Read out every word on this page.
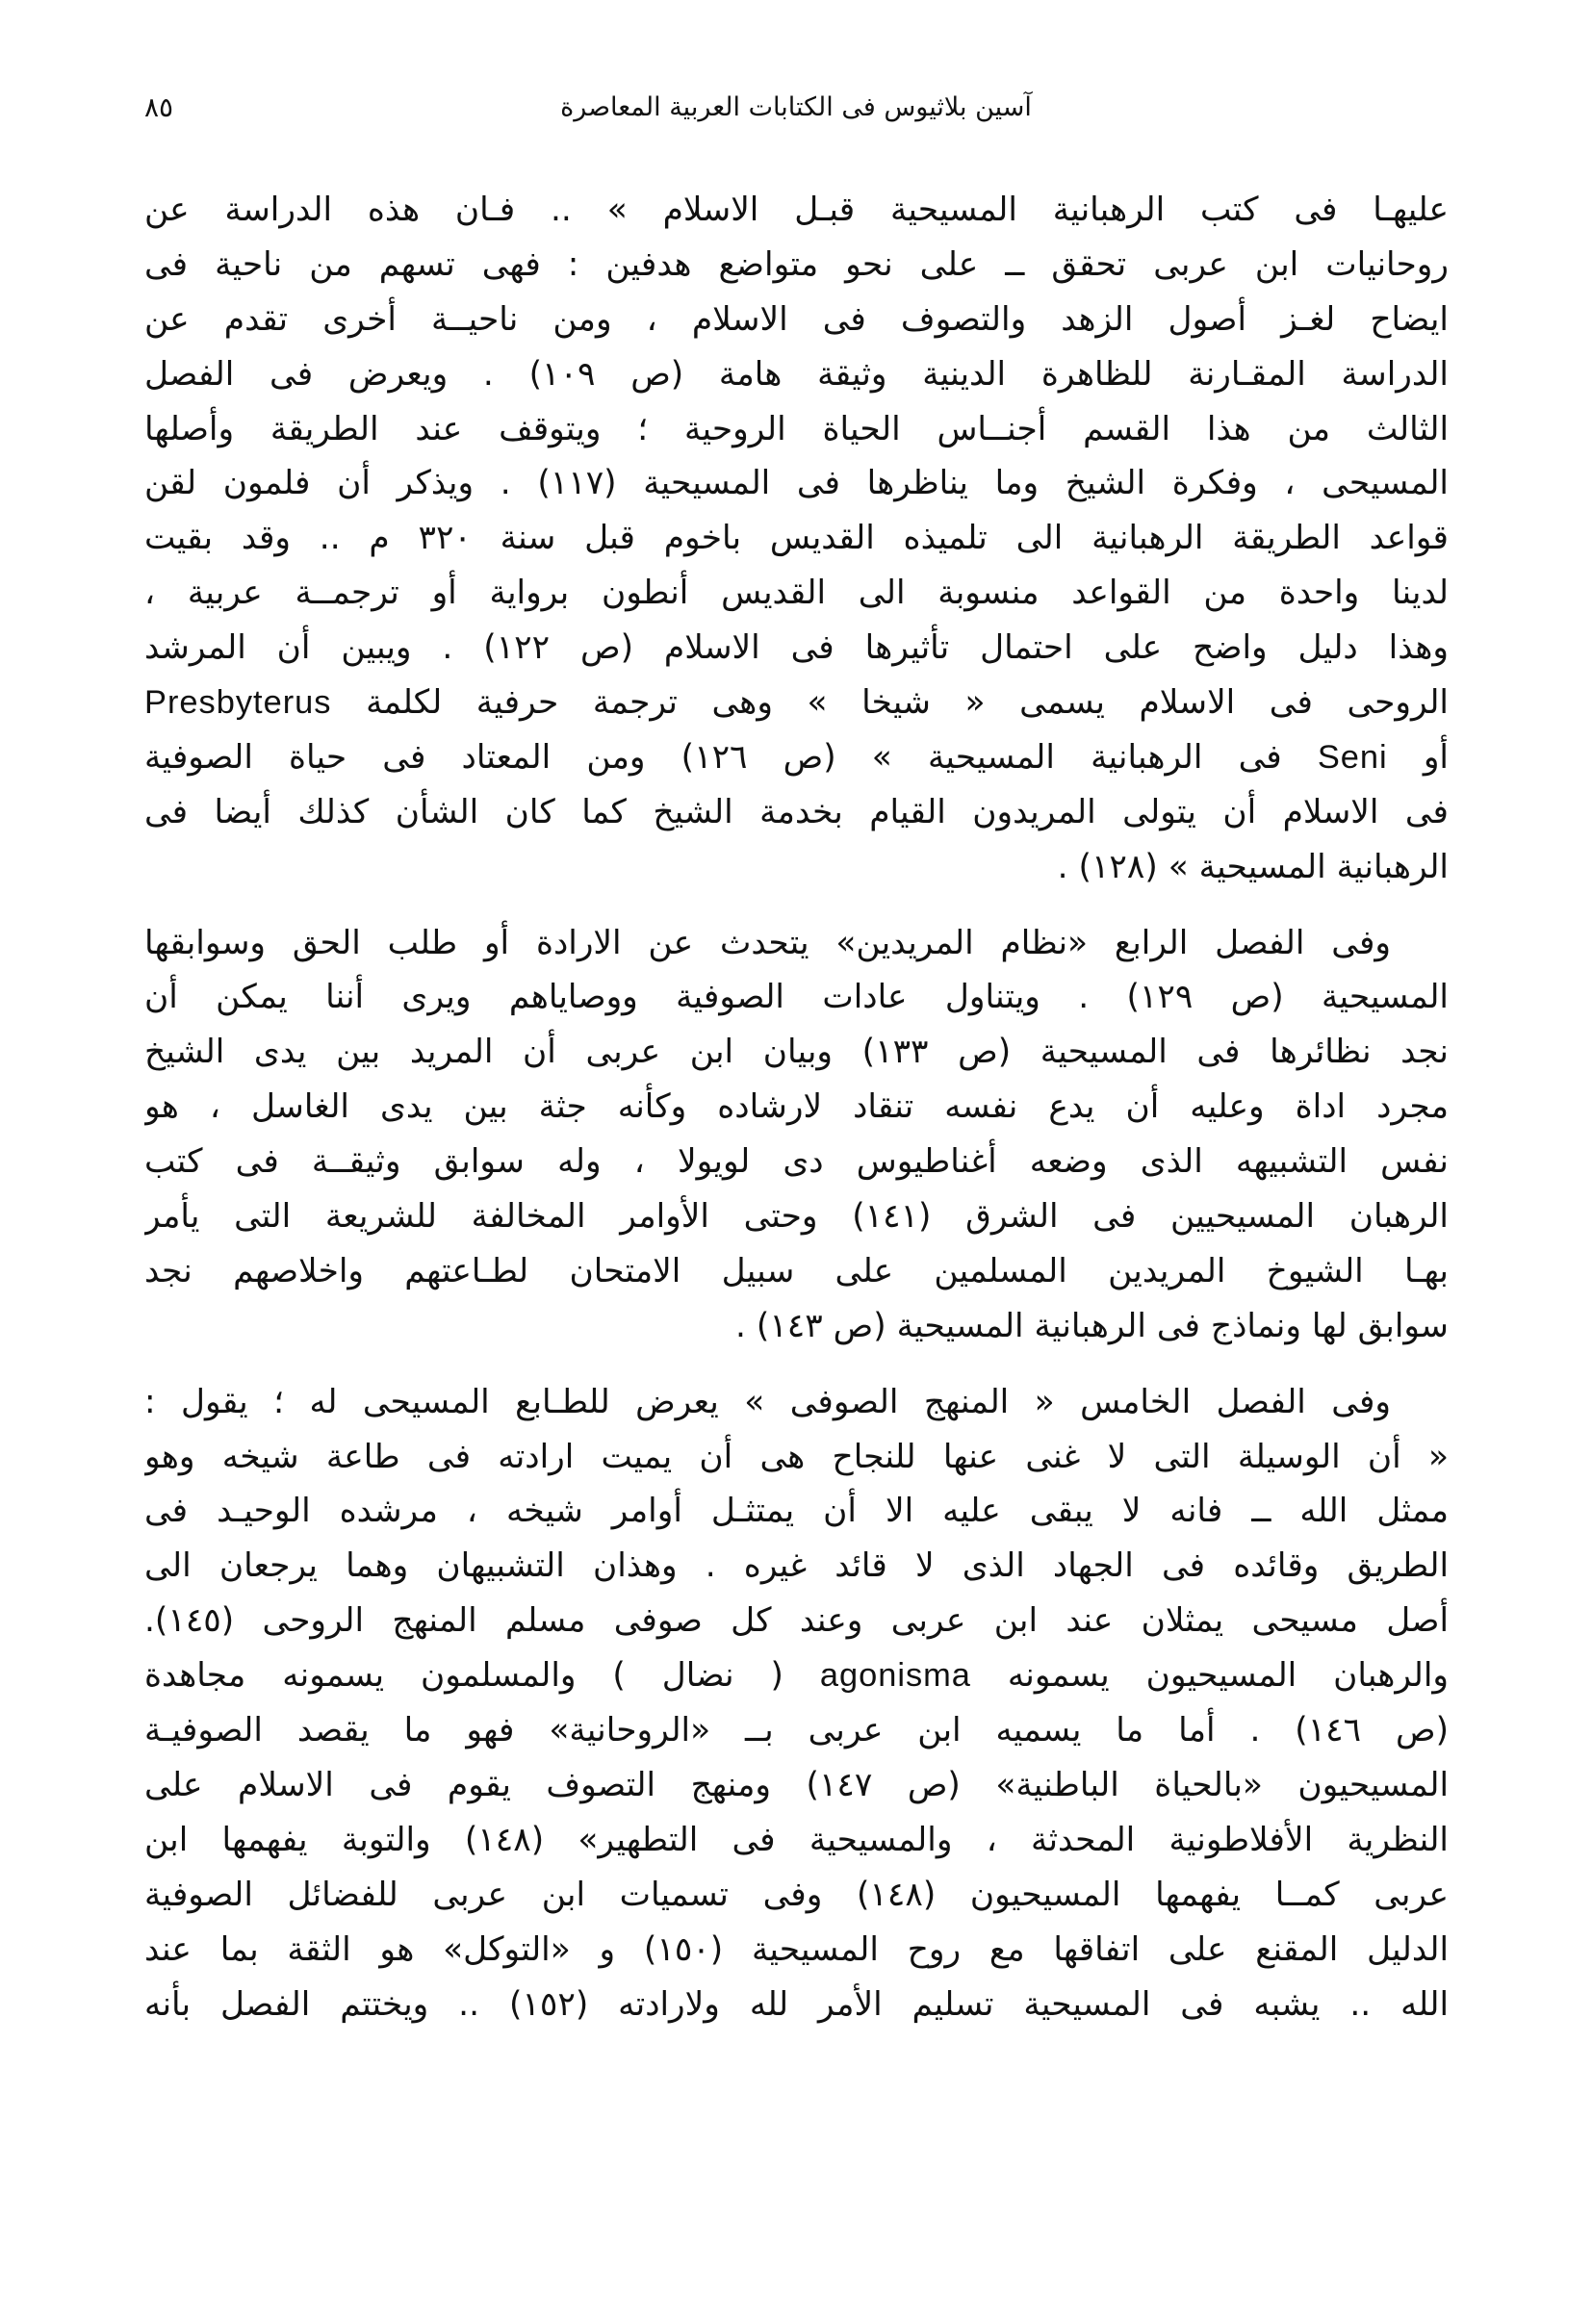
آسين بلاثيوس فى الكتابات العربية المعاصرة
٨٥
عليهـا فى كتب الرهبانية المسيحية قبـل الاسلام » .. فـان هذه الدراسة عن
روحانيات ابن عربى تحقق ــ على نحو متواضع هدفين : فهى تسهم من ناحية فى
ايضاح لغـز أصول الزهد والتصوف فى الاسلام ، ومن ناحيــة أخرى تقدم عن
الدراسة المقـارنة للظاهرة الدينية وثيقة هامة (ص ١٠٩) . ويعرض فى الفصل
الثالث من هذا القسم أجنــاس الحياة الروحية ؛ ويتوقف عند الطريقة وأصلها
المسيحى ، وفكرة الشيخ وما يناظرها فى المسيحية (١١٧) . ويذكر أن فلمون لقن
قواعد الطريقة الرهبانية الى تلميذه القديس باخوم قبل سنة ٣٢٠ م .. وقد بقيت
لدينا واحدة من القواعد منسوبة الى القديس أنطون برواية أو ترجمــة عربية ،
وهذا دليل واضح على احتمال تأثيرها فى الاسلام (ص ١٢٢) . ويبين أن المرشد
الروحى فى الاسلام يسمى « شيخا » وهى ترجمة حرفية لكلمة Presbyterus
أو Seni فى الرهبانية المسيحية » (ص ١٢٦) ومن المعتاد فى حياة الصوفية
فى الاسلام أن يتولى المريدون القيام بخدمة الشيخ كما كان الشأن كذلك أيضا فى
الرهبانية المسيحية » (١٢٨) .
وفى الفصل الرابع «نظام المريدين» يتحدث عن الارادة أو طلب الحق وسوابقها
المسيحية (ص ١٢٩) . ويتناول عادات الصوفية ووصاياهم ويرى أننا يمكن أن
نجد نظائرها فى المسيحية (ص ١٣٣) وبيان ابن عربى أن المريد بين يدى الشيخ
مجرد اداة وعليه أن يدع نفسه تنقاد لارشاده وكأنه جثة بين يدى الغاسل ، هو
نفس التشبيهه الذى وضعه أغناطيوس دى لويولا ، وله سوابق وثيقــة فى كتب
الرهبان المسيحيين فى الشرق (١٤١) وحتى الأوامر المخالفة للشريعة التى يأمر
بهـا الشيوخ المريدين المسلمين على سبيل الامتحان لطـاعتهم واخلاصهم نجد
سوابق لها ونماذج فى الرهبانية المسيحية (ص ١٤٣) .
وفى الفصل الخامس « المنهج الصوفى » يعرض للطـابع المسيحى له ؛ يقول :
« أن الوسيلة التى لا غنى عنها للنجاح هى أن يميت ارادته فى طاعة شيخه وهو
ممثل الله ــ فانه لا يبقى عليه الا أن يمتثـل أوامر شيخه ، مرشده الوحيـد فى
الطريق وقائده فى الجهاد الذى لا قائد غيره . وهذان التشبيهان وهما يرجعان الى
أصل مسيحى يمثلان عند ابن عربى وعند كل صوفى مسلم المنهج الروحى (١٤٥).
والرهبان المسيحيون يسمونه agonisma ( نضال ) والمسلمون يسمونه مجاهدة
(ص ١٤٦) . أما ما يسميه ابن عربى بــ «الروحانية» فهو ما يقصد الصوفيـة
المسيحيون «بالحياة الباطنية» (ص ١٤٧) ومنهج التصوف يقوم فى الاسلام على
النظرية الأفلاطونية المحدثة ، والمسيحية فى التطهير» (١٤٨) والتوبة يفهمها ابن
عربى كمــا يفهمها المسيحيون (١٤٨) وفى تسميات ابن عربى للفضائل الصوفية
الدليل المقنع على اتفاقها مع روح المسيحية (١٥٠) و «التوكل» هو الثقة بما عند
الله .. يشبه فى المسيحية تسليم الأمر لله ولارادته (١٥٢) .. ويختتم الفصل بأنه
